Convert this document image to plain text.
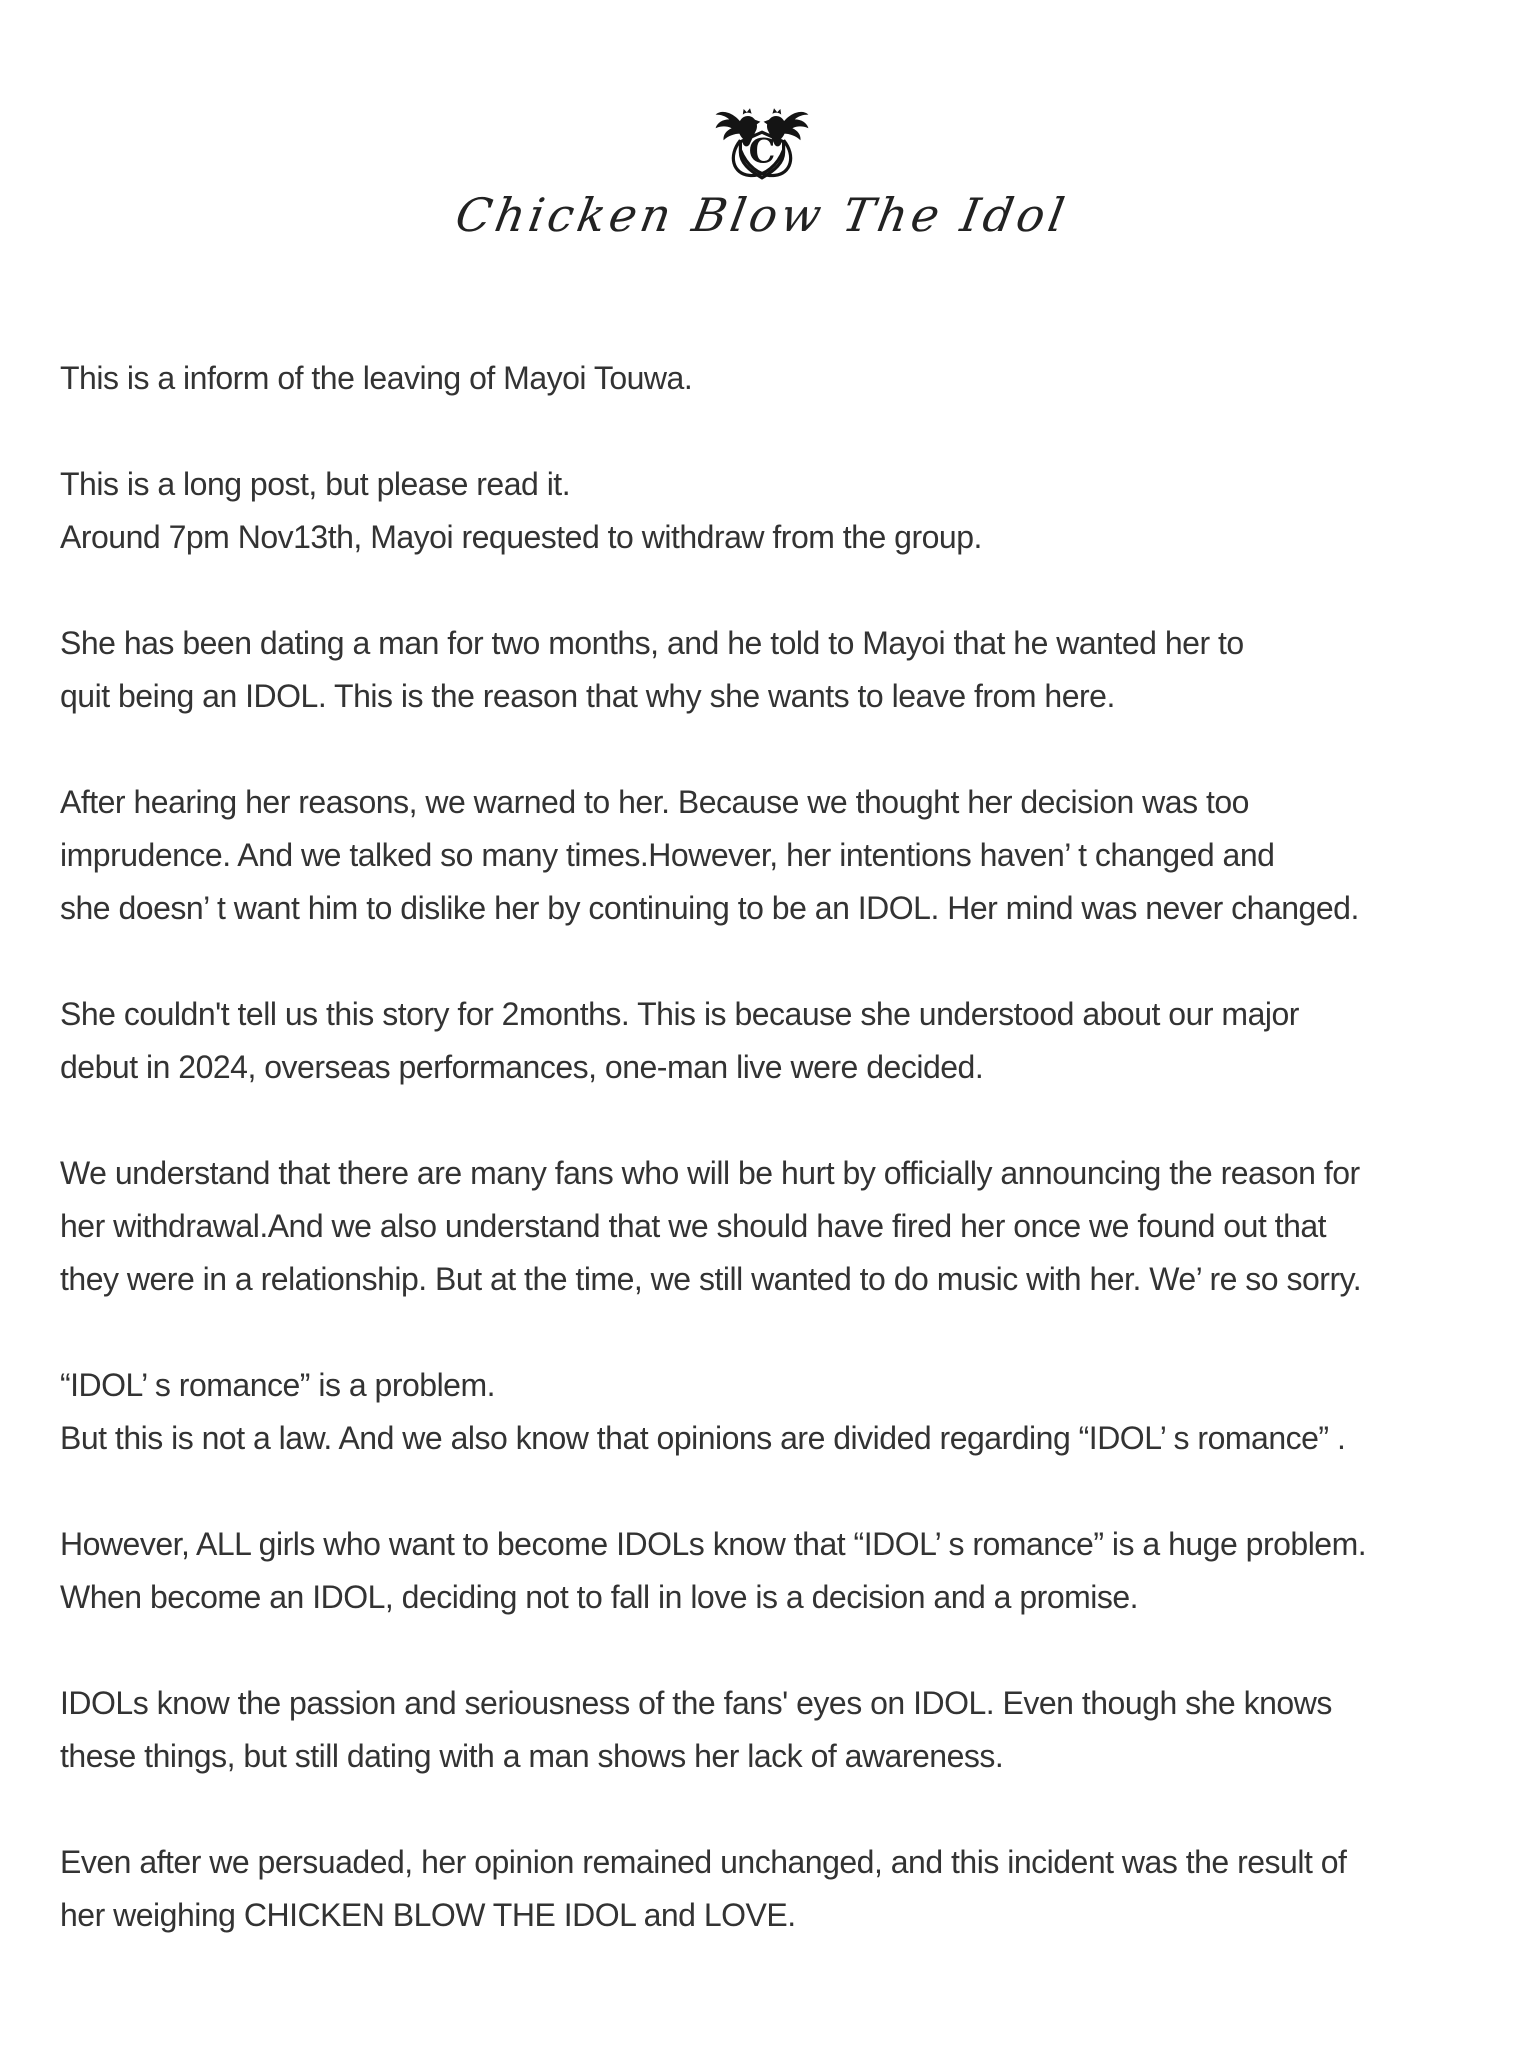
C
Chicken Blow The Idol
This is a inform of the leaving of Mayoi Touwa.
This is a long post, but please read it.
Around 7pm Nov13th, Mayoi requested to withdraw from the group.
She has been dating a man for two months, and he told to Mayoi that he wanted her to
quit being an IDOL. This is the reason that why she wants to leave from here.
After hearing her reasons, we warned to her. Because we thought her decision was too
imprudence. And we talked so many times.However, her intentions haven’ t changed and
she doesn’ t want him to dislike her by continuing to be an IDOL. Her mind was never changed.
She couldn't tell us this story for 2months. This is because she understood about our major
debut in 2024, overseas performances, one-man live were decided.
We understand that there are many fans who will be hurt by officially announcing the reason for
her withdrawal.And we also understand that we should have fired her once we found out that
they were in a relationship. But at the time, we still wanted to do music with her. We’ re so sorry.
“IDOL’ s romance” is a problem.
But this is not a law. And we also know that opinions are divided regarding “IDOL’ s romance” .
However, ALL girls who want to become IDOLs know that “IDOL’ s romance” is a huge problem.
When become an IDOL, deciding not to fall in love is a decision and a promise.
IDOLs know the passion and seriousness of the fans' eyes on IDOL. Even though she knows
these things, but still dating with a man shows her lack of awareness.
Even after we persuaded, her opinion remained unchanged, and this incident was the result of
her weighing CHICKEN BLOW THE IDOL and LOVE.
